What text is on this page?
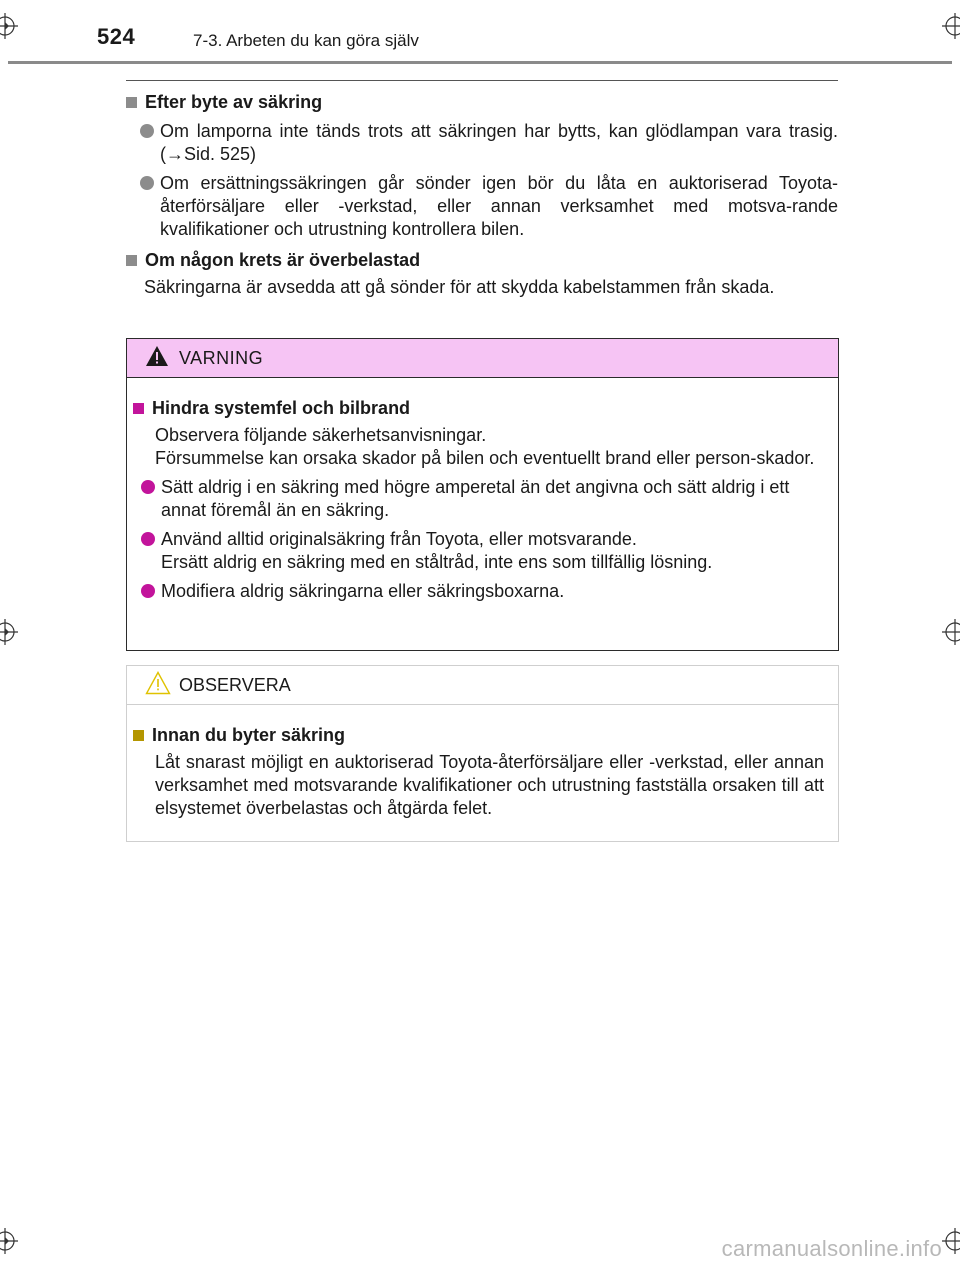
524	7-3. Arbeten du kan göra själv
Efter byte av säkring
Om lamporna inte tänds trots att säkringen har bytts, kan glödlampan vara trasig. (→Sid. 525)
Om ersättningssäkringen går sönder igen bör du låta en auktoriserad Toyota-återförsäljare eller -verkstad, eller annan verksamhet med motsva-rande kvalifikationer och utrustning kontrollera bilen.
Om någon krets är överbelastad
Säkringarna är avsedda att gå sönder för att skydda kabelstammen från skada.
VARNING
Hindra systemfel och bilbrand
Observera följande säkerhetsanvisningar.
Försummelse kan orsaka skador på bilen och eventuellt brand eller person-skador.
Sätt aldrig i en säkring med högre amperetal än det angivna och sätt aldrig i ett annat föremål än en säkring.
Använd alltid originalsäkring från Toyota, eller motsvarande.
Ersätt aldrig en säkring med en ståltråd, inte ens som tillfällig lösning.
Modifiera aldrig säkringarna eller säkringsboxarna.
OBSERVERA
Innan du byter säkring
Låt snarast möjligt en auktoriserad Toyota-återförsäljare eller -verkstad, eller annan verksamhet med motsvarande kvalifikationer och utrustning fastställa orsaken till att elsystemet överbelastas och åtgärda felet.
carmanualsonline.info
